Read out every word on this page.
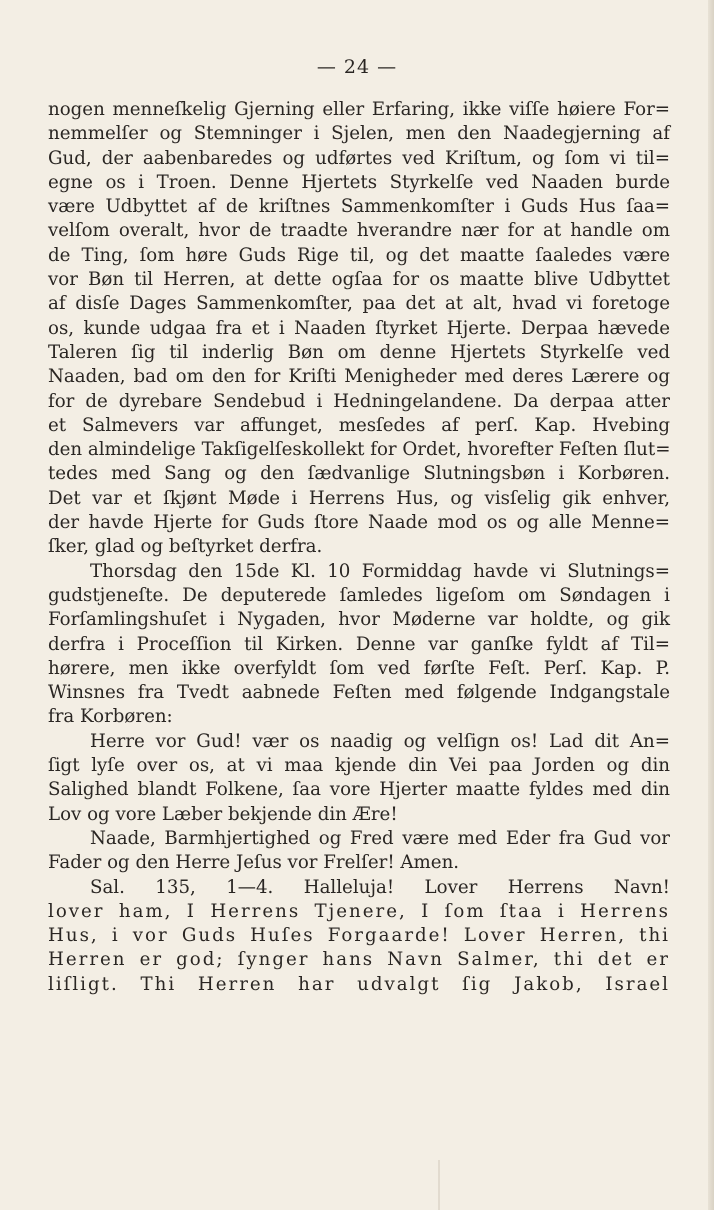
— 24 —
nogen menneſkelig Gjerning eller Erfaring, ikke viſſe høiere For=
nemmelſer og Stemninger i Sjelen, men den Naadegjerning af
Gud, der aabenbaredes og udførtes ved Kriſtum, og ſom vi til=
egne os i Troen. Denne Hjertets Styrkelſe ved Naaden burde
være Udbyttet af de kriſtnes Sammenkomſter i Guds Hus ſaa=
velſom overalt, hvor de traadte hverandre nær for at handle om
de Ting, ſom høre Guds Rige til, og det maatte ſaaledes være
vor Bøn til Herren, at dette ogſaa for os maatte blive Udbyttet
af disſe Dages Sammenkomſter, paa det at alt, hvad vi foretoge
os, kunde udgaa fra et i Naaden ſtyrket Hjerte. Derpaa hævede
Taleren ſig til inderlig Bøn om denne Hjertets Styrkelſe ved
Naaden, bad om den for Kriſti Menigheder med deres Lærere og
for de dyrebare Sendebud i Hedningelandene. Da derpaa atter
et Salmevers var affunget, mesſedes af perſ. Kap. Hvebing
den almindelige Takſigelſeskollekt for Ordet, hvorefter Feſten ſlut=
tedes med Sang og den ſædvanlige Slutningsbøn i Korbøren.
Det var et ſkjønt Møde i Herrens Hus, og visſelig gik enhver,
der havde Hjerte for Guds ſtore Naade mod os og alle Menne=
ſker, glad og beſtyrket derfra.
Thorsdag den 15de Kl. 10 Formiddag havde vi Slutnings=
gudstjeneſte. De deputerede ſamledes ligeſom om Søndagen i
Forſamlingshuſet i Nygaden, hvor Møderne var holdte, og gik
derfra i Proceſſion til Kirken. Denne var ganſke fyldt af Til=
hørere, men ikke overfyldt ſom ved førſte Feſt. Perſ. Kap. P.
Winsnes fra Tvedt aabnede Feſten med følgende Indgangstale
fra Korbøren:
Herre vor Gud! vær os naadig og velſign os! Lad dit An=
ſigt lyſe over os, at vi maa kjende din Vei paa Jorden og din
Salighed blandt Folkene, ſaa vore Hjerter maatte fyldes med din
Lov og vore Læber bekjende din Ære!
Naade, Barmhjertighed og Fred være med Eder fra Gud vor
Fader og den Herre Jeſus vor Frelſer! Amen.
Sal. 135, 1—4. Halleluja! Lover Herrens Navn!
lover ham, I Herrens Tjenere, I ſom ſtaa i Herrens
Hus, i vor Guds Huſes Forgaarde! Lover Herren, thi
Herren er god; ſynger hans Navn Salmer, thi det er
liſligt. Thi Herren har udvalgt ſig Jakob, Israel
